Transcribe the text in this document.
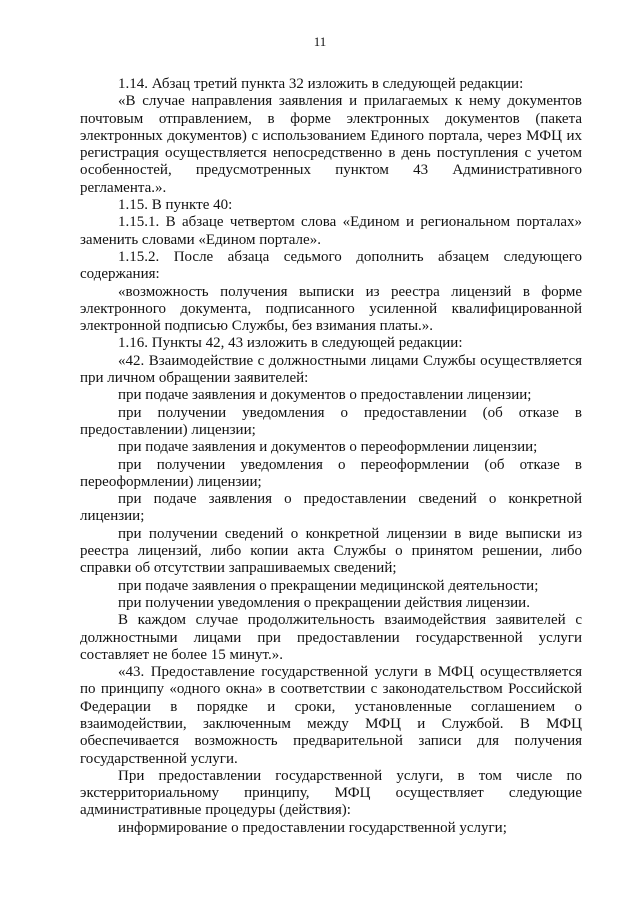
11

1.14. Абзац третий пункта 32 изложить в следующей редакции:

«В случае направления заявления и прилагаемых к нему документов почтовым отправлением, в форме электронных документов (пакета электронных документов) с использованием Единого портала, через МФЦ их регистрация осуществляется непосредственно в день поступления с учетом особенностей, предусмотренных пунктом 43 Административного регламента.».

1.15. В пункте 40:

1.15.1. В абзаце четвертом слова «Едином и региональном порталах» заменить словами «Едином портале».

1.15.2. После абзаца седьмого дополнить абзацем следующего содержания:

«возможность получения выписки из реестра лицензий в форме электронного документа, подписанного усиленной квалифицированной электронной подписью Службы, без взимания платы.».

1.16. Пункты 42, 43 изложить в следующей редакции:

«42. Взаимодействие с должностными лицами Службы осуществляется при личном обращении заявителей:

при подаче заявления и документов о предоставлении лицензии;

при получении уведомления о предоставлении (об отказе в предоставлении) лицензии;

при подаче заявления и документов о переоформлении лицензии;

при получении уведомления о переоформлении (об отказе в переоформлении) лицензии;

при подаче заявления о предоставлении сведений о конкретной лицензии;

при получении сведений о конкретной лицензии в виде выписки из реестра лицензий, либо копии акта Службы о принятом решении, либо справки об отсутствии запрашиваемых сведений;

при подаче заявления о прекращении медицинской деятельности;

при получении уведомления о прекращении действия лицензии.

В каждом случае продолжительность взаимодействия заявителей с должностными лицами при предоставлении государственной услуги составляет не более 15 минут.».

«43. Предоставление государственной услуги в МФЦ осуществляется по принципу «одного окна» в соответствии с законодательством Российской Федерации в порядке и сроки, установленные соглашением о взаимодействии, заключенным между МФЦ и Службой. В МФЦ обеспечивается возможность предварительной записи для получения государственной услуги.

При предоставлении государственной услуги, в том числе по экстерриториальному принципу, МФЦ осуществляет следующие административные процедуры (действия):

информирование о предоставлении государственной услуги;
